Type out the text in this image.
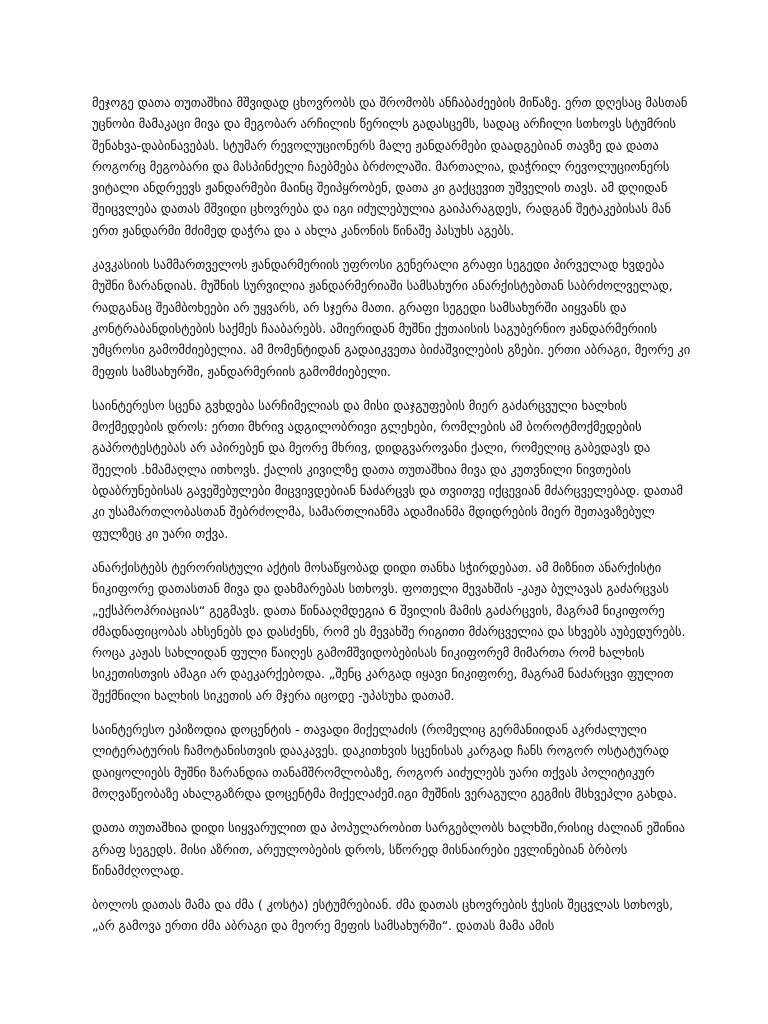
მეჯოგე დათა თუთაშხია მშვიდად ცხოვრობს და შრომობს ანჩაბაძეების მიწაზე. ერთ დღესაც მასთან უცნობი მამაკაცი მივა და მეგობარ არჩილის წერილს გადასცემს, სადაც არჩილი სთხოვს სტუმრის შენახვა-დაბინავებას. სტუმარ რევოლუციონერს მალე ჟანდარმები დაადგებიან თავზე და დათა როგორც მეგობარი და მასპინძელი ჩაებმება ბრძოლაში. მართალია, დაჭრილ რევოლუციონერს ვიტალი ანდრეევს ჟანდარმები მაინც შეიპყრობენ, დათა კი გაქცევით უშველის თავს. ამ დღიდან შეიცვლება დათას მშვიდი ცხოვრება და იგი იძულებულია გაიპარაგდეს, რადგან შეტაკებისას მან ერთ ჟანდარმი მძიმედ დაჭრა და ა ახლა კანონის წინაშე პასუხს აგებს.

კავკასიის სამმართველოს ჟანდარმერიის უფროსი გენერალი გრაფი სეგედი პირველად ხვდება მუშნი ზარანდიას. მუშნის სურვილია ჟანდარმერიაში სამსახური ანარქისტებთან საბრძოლველად, რადგანაც შეამბოხეები არ უყვარს, არ სჯერა მათი. გრაფი სეგედი სამსახურში აიყვანს და კონტრაბანდისტების საქმეს ჩააბარებს. ამიერიდან მუშნი ქუთაისის საგუბერნიო ჟანდარმერიის უმცროსი გამომძიებელია. ამ მომენტიდან გადაიკვეთა ბიძაშვილების გზები. ერთი აბრაგი, მეორე კი მეფის სამსახურში, ჟანდარმერიის გამომძიებელი.

საინტერესო სცენა გვხდება სარჩიმელიას და მისი დაჯგუფების მიერ გაძარცვული ხალხის მოქმედების დროს: ერთი მხრივ ადგილობრივი გლეხები, რომლების ამ ბოროტმოქმედების გაპროტესტებას არ აპირებენ და მეორე მხრივ, დიდგვაროვანი ქალი, რომელიც გაბედავს და შეელის .ხმამაღლა ითხოვს. ქალის კივილზე დათა თუთაშხია მივა და კუთვნილი ნივთების ბდაბრუნებისას გავეშებულები მიცვივდებიან ნაძარცვს და თვითვე იქცევიან მძარცველებად. დათამ კი უსამართლობასთან შებრძოლმა, სამართლიანმა ადამიანმა მდიდრების მიერ შეთავაზებულ ფულზეც კი უარი თქვა.

ანარქისტებს ტერორისტული აქტის მოსაწყობად დიდი თანხა სჭირდებათ. ამ მიზნით ანარქისტი ნიკიფორე დათასთან მივა და დახმარებას სთხოვს. ფოთელი მევახშის -კაჟა ბულავას გაძარცვას „ექსპროპრიაციას“ გეგმავს. დათა წინააღმდეგია 6 შვილის მამის გაძარცვის, მაგრამ ნიკიფორე ძმადნაფიცობას ახსენებს და დასძენს, რომ ეს მევახშე რიგითი მძარცველია და სხვებს აუბედურებს. როცა კაჟას სახლიდან ფული წაიღეს გამომშვიდობებისას ნიკიფორემ მიმართა რომ ხალხის სიკეთისთვის ამაგი არ დაეკარქებოდა. „შენც კარგად იყავი ნიკიფორე, მაგრამ ნაძარცვი ფულით შექმნილი ხალხის სიკეთის არ მჯერა იცოდე -უპასუხა დათამ.

საინტერესო ეპიზოდია დოცენტის - თავადი მიქელაძის (რომელიც გერმანიიდან აკრძალული ლიტერატურის ჩამოტანისთვის დააკავეს. დაკითხვის სცენისას კარგად ჩანს როგორ ოსტატურად დაიყოლიებს მუშნი ზარანდია თანამშრომლობაზე, როგორ აიძულებს უარი თქვას პოლიტიკურ მოღვაწეობაზე ახალგაზრდა დოცენტმა მიქელაძემ.იგი მუშნის ვერაგული გეგმის მსხვეპლი გახდა.

დათა თუთაშხია დიდი სიყვარულით და პოპულარობით სარგებლობს ხალხში,რისიც ძალიან ეშინია გრაფ სეგედს. მისი აზრით, არეულობების დროს, სწორედ მისნაირები ევლინებიან ბრბოს წინამძღოლად.

ბოლოს დათას მამა და ძმა ( კოსტა) ესტუმრებიან. ძმა დათას ცხოვრების ჭესის შეცვლას სთხოვს, „არ გამოვა ერთი ძმა აბრაგი და მეორე მეფის სამსახურში“. დათას მამა ამის
